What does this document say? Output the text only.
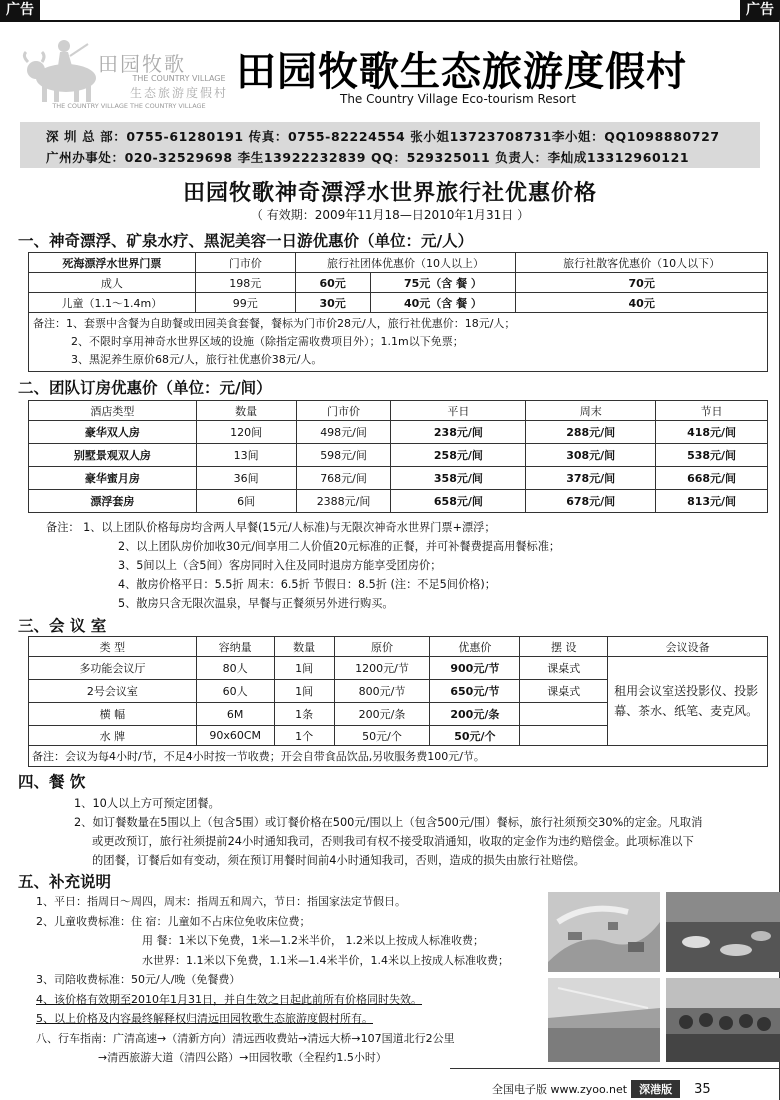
广告	广告
田园牧歌
THE COUNTRY VILLAGE
生态旅游度假村
THE COUNTRY VILLAGE THE COUNTRY VILLAGE
田园牧歌生态旅游度假村
The Country Village Eco-tourism Resort
深 圳 总 部：0755-61280191 传真：0755-82224554 张小姐13723708731李小姐：QQ1098880727
广州办事处：020-32529698 李生13922232839 QQ：529325011 负责人：李灿成13312960121
田园牧歌神奇漂浮水世界旅行社优惠价格
（ 有效期：2009年11月18—日2010年1月31日 ）
一、神奇漂浮、矿泉水疗、黑泥美容一日游优惠价（单位：元/人）
死海漂浮水世界门票	门市价	旅行社团体优惠价（10人以上）		旅行社散客优惠价（10人以下）
成人	198元	60元	75元（含 餐 ）	70元
儿童（1.1～1.4m）	99元	30元	40元（含 餐 ）	40元

备注：1、套票中含餐为自助餐或田园美食套餐，餐标为门市价28元/人，旅行社优惠价：18元/人；
2、不限时享用神奇水世界区域的设施（除指定需收费项目外）；1.1m以下免票；
3、黑泥养生原价68元/人，旅行社优惠价38元/人。				
二、团队订房优惠价（单位：元/间）
酒店类型	数量	门市价	平日	周末	节日
豪华双人房	120间	498元/间	238元/间	288元/间	418元/间
别墅景观双人房	13间	598元/间	258元/间	308元/间	538元/间
豪华蜜月房	36间	768元/间	358元/间	378元/间	668元/间
漂浮套房	6间	2388元/间	658元/间	678元/间	813元/间
备注： 1、以上团队价格每房均含两人早餐(15元/人标准)与无限次神奇水世界门票+漂浮；
2、以上团队房价加收30元/间享用二人价值20元标准的正餐，并可补餐费提高用餐标准；
3、5间以上（含5间）客房同时入住及同时退房方能享受团房价；
4、散房价格平日：5.5折 周末：6.5折 节假日：8.5折 (注：不足5间价格)；
5、散房只含无限次温泉，早餐与正餐须另外进行购买。
三、会 议 室
类 型	容纳量	数量	原价	优惠价	摆 设	会议设备
多功能会议厅	80人	1间	1200元/节	900元/节	课桌式	租用会议室送投影仪、投影幕、茶水、纸笔、麦克风。
2号会议室	60人	1间	800元/节	650元/节	课桌式	
横 幅	6M	1条	200元/条	200元/条		
水 牌	90x60CM	1个	50元/个	50元/个		
备注：会议为每4小时/节，不足4小时按一节收费；开会自带食品饮品,另收服务费100元/节。						
四、餐 饮
1、10人以上方可预定团餐。
2、如订餐数量在5围以上（包含5围）或订餐价格在500元/围以上（包含500元/围）餐标，旅行社须预交30%的定金。凡取消
或更改预订，旅行社须提前24小时通知我司，否则我司有权不接受取消通知，收取的定金作为违约赔偿金。此项标准以下
的团餐，订餐后如有变动，须在预订用餐时间前4小时通知我司，否则，造成的损失由旅行社赔偿。
五、补充说明
1、平日：指周日～周四，周末：指周五和周六，节日：指国家法定节假日。
2、儿童收费标准：住 宿：儿童如不占床位免收床位费；
用 餐：1米以下免费，1米—1.2米半价， 1.2米以上按成人标准收费；
水世界：1.1米以下免费，1.1米—1.4米半价，1.4米以上按成人标准收费；
3、司陪收费标准：50元/人/晚（免餐费）
4、该价格有效期至2010年1月31日，并自生效之日起此前所有价格同时失效。
5、以上价格及内容最终解释权归清远田园牧歌生态旅游度假村所有。
八、行车指南：广清高速→（清新方向）清远西收费站→清远大桥→107国道北行2公里
→清西旅游大道（清四公路）→田园牧歌（全程约1.5小时）
全国电子版 www.zyoo.net 深港版 35
